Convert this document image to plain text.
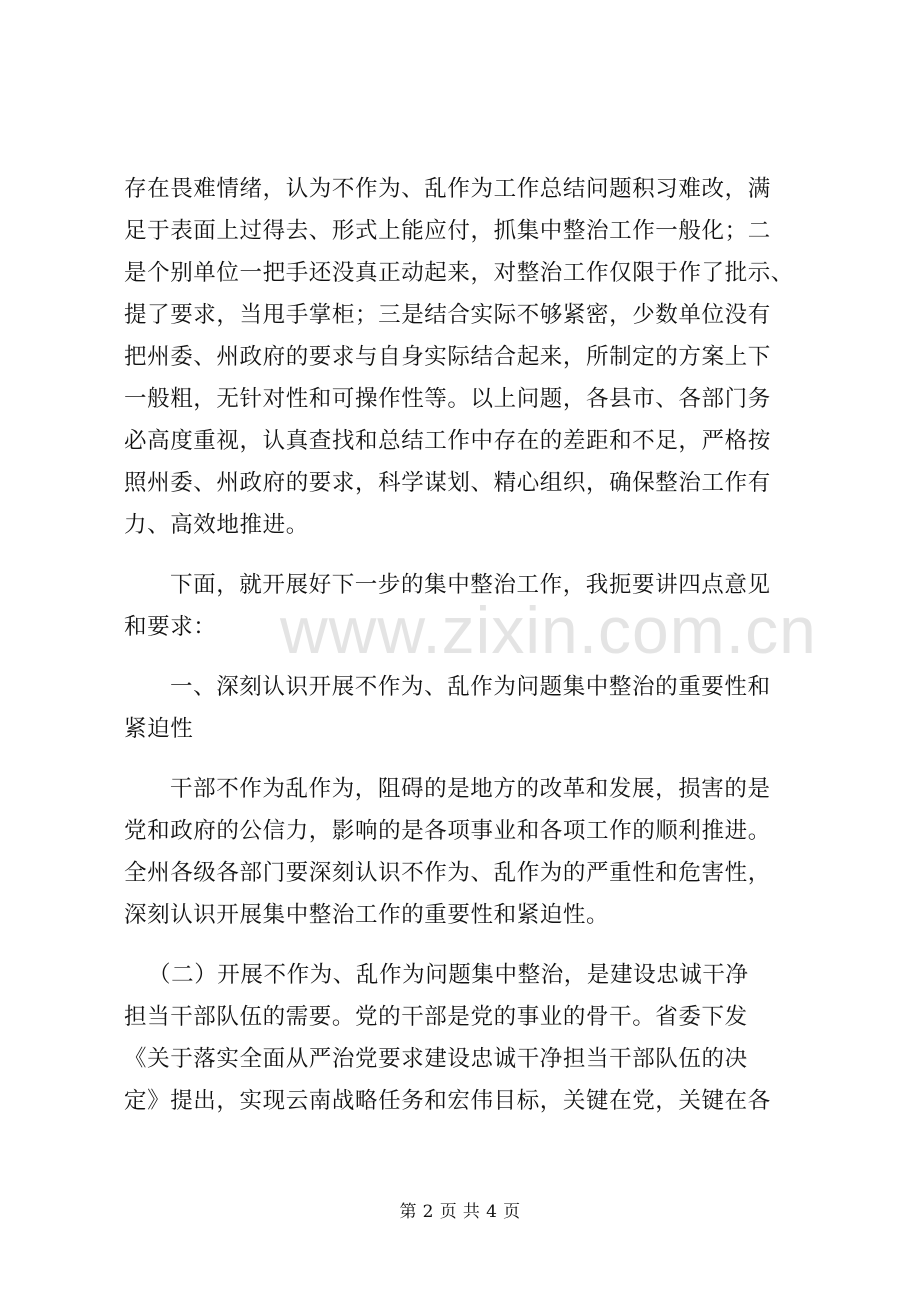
www.zixin.com.cn
存在畏难情绪，认为不作为、乱作为工作总结问题积习难改，满
足于表面上过得去、形式上能应付，抓集中整治工作一般化；二
是个别单位一把手还没真正动起来，对整治工作仅限于作了批示、
提了要求，当甩手掌柜；三是结合实际不够紧密，少数单位没有
把州委、州政府的要求与自身实际结合起来，所制定的方案上下
一般粗，无针对性和可操作性等。以上问题，各县市、各部门务
必高度重视，认真查找和总结工作中存在的差距和不足，严格按
照州委、州政府的要求，科学谋划、精心组织，确保整治工作有
力、高效地推进。
下面，就开展好下一步的集中整治工作，我扼要讲四点意见
和要求：
一、深刻认识开展不作为、乱作为问题集中整治的重要性和
紧迫性
干部不作为乱作为，阻碍的是地方的改革和发展，损害的是
党和政府的公信力，影响的是各项事业和各项工作的顺利推进。
全州各级各部门要深刻认识不作为、乱作为的严重性和危害性，
深刻认识开展集中整治工作的重要性和紧迫性。
（二）开展不作为、乱作为问题集中整治，是建设忠诚干净
担当干部队伍的需要。党的干部是党的事业的骨干。省委下发
《关于落实全面从严治党要求建设忠诚干净担当干部队伍的决
定》提出，实现云南战略任务和宏伟目标，关键在党，关键在各
第 2 页 共 4 页
